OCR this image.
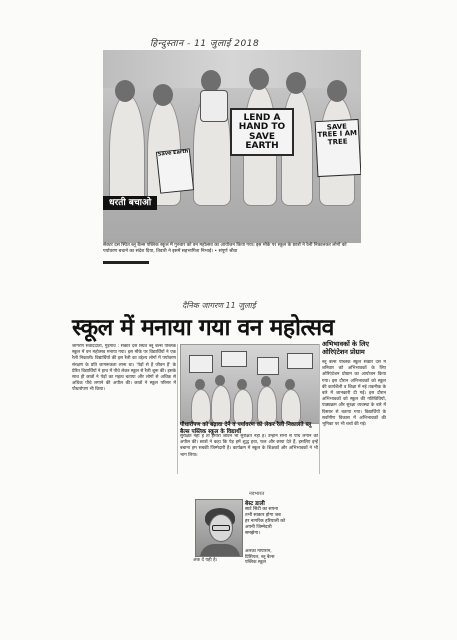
हिन्दुस्तान - 11 जुलाई 2018
LEND A HAND TO SAVE EARTH
SAVE TREE I AM TREE
Save Earth
धरती बचाओ
सेक्टर दस स्थित ब्लू बैल्स पब्लिक स्कूल में गुरुवार को वन महोत्सव का आयोजन किया गया। इस मौके पर स्कूल के छात्रों ने रैली निकालकर लोगों को पर्यावरण बचाने का संदेश दिया, तिवारी ने इसमें सहभागिता निभाई। • संपूर्ण श्रीवा
दैनिक जागरण 11 जुलाई
स्कूल में मनाया गया वन महोत्सव
अभिभावकों के लिए ओरिएंटेशन प्रोग्राम
जागरण संवाददाता, गुड़गांव : सेक्टर दस स्थित ब्लू बैल्स पब्लिक स्कूल में वन महोत्सव मनाया गया। इस मौके पर विद्यार्थियों ने एक रैली निकाली। विद्यार्थियों की इस रैली का उद्देश्य लोगों में पर्यावरण संरक्षण के प्रति जागरूकता लाना था। 'पेड़ों से है जीवन है' के प्रेरित विद्यार्थियों ने हाथ में पौधे लेकर स्कूल से रैली शुरू की। इसके साथ ही छात्रों ने पेड़ों का महत्व बताया और लोगों से अधिक से अधिक पौधे लगाने की अपील की। छात्रों ने स्कूल परिसर में पौधारोपण भी किया।
पौधारोपण को बढ़ावा देने व पर्यावरण को लेकर रैली निकालते ब्लू बैल्स पब्लिक स्कूल के विद्यार्थी
सुरक्षित नहीं है तो हमारा जीवन भी सुरक्षित नहीं है। उन्होंने सभी से पौधे लगाने की अपील की। छात्रों ने कहा कि पेड़ हमें शुद्ध हवा, फल और छाया देते हैं, इसलिए इन्हें बचाना हम सबकी जिम्मेदारी है। कार्यक्रम में स्कूल के शिक्षकों और अभिभावकों ने भी भाग लिया।
ब्लू बैल्स पब्लिक स्कूल सेक्टर दस में शनिवार को अभिभावकों के लिए ओरिएंटेशन प्रोग्राम का आयोजन किया गया। इस दौरान अभिभावकों को स्कूल की कार्यशैली व शिक्षा में नई तकनीक के बारे में जानकारी दी गई। इस दौरान अभिभावकों को स्कूल की गतिविधियों, पाठ्यक्रम और सुरक्षा व्यवस्था के बारे में विस्तार से बताया गया। विद्यार्थियों के सर्वांगीण विकास में अभिभावकों की भूमिका पर भी चर्चा की गई।
नवभारत
बेस्ट डाली
सार्ट सिटी का सपना तभी साकार होगा जब हर नागरिक हरियाली को अपनी जिम्मेदारी समझेगा।
अलका मायाराम, प्रिंसिपल, ब्लू बैल्स पब्लिक स्कूल
अंक दें यही है।
